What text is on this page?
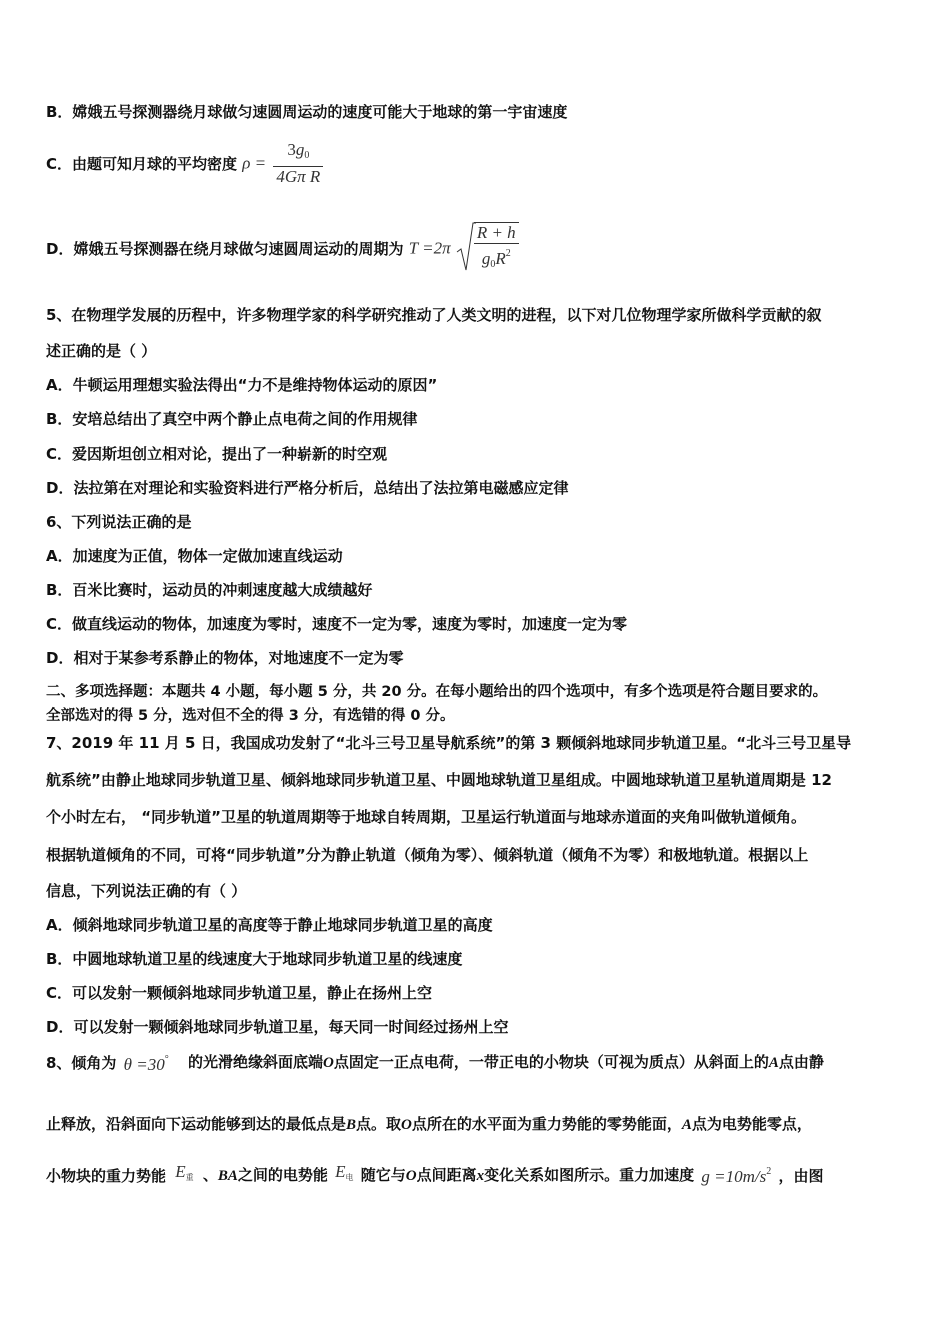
B．嫦娥五号探测器绕月球做匀速圆周运动的速度可能大于地球的第一宇宙速度
C．由题可知月球的平均密度 $\rho = \frac{3g_0}{\text{4Gπ R}}$
D．嫦娥五号探测器在绕月球做匀速圆周运动的周期为 $T =2\pi \frac{R + h}{g_0R^2}$
5、在物理学发展的历程中，许多物理学家的科学研究推动了人类文明的进程，以下对几位物理学家所做科学贡献的叙
述正确的是（ ）
A．牛顿运用理想实验法得出“力不是维持物体运动的原因”
B．安培总结出了真空中两个静止点电荷之间的作用规律
C．爱因斯坦创立相对论，提出了一种崭新的时空观
D．法拉第在对理论和实验资料进行严格分析后，总结出了法拉第电磁感应定律
6、下列说法正确的是
A．加速度为正值，物体一定做加速直线运动
B．百米比赛时，运动员的冲刺速度越大成绩越好
C．做直线运动的物体，加速度为零时，速度不一定为零，速度为零时，加速度一定为零
D．相对于某参考系静止的物体，对地速度不一定为零
二、多项选择题：本题共 4 小题，每小题 5 分，共 20 分。在每小题给出的四个选项中，有多个选项是符合题目要求的。
全部选对的得 5 分，选对但不全的得 3 分，有选错的得 0 分。
7、2019 年 11 月 5 日，我国成功发射了“北斗三号卫星导航系统”的第 3 颗倾斜地球同步轨道卫星。“北斗三号卫星导
航系统”由静止地球同步轨道卫星、倾斜地球同步轨道卫星、中圆地球轨道卫星组成。中圆地球轨道卫星轨道周期是 12
个小时左右， “同步轨道”卫星的轨道周期等于地球自转周期，卫星运行轨道面与地球赤道面的夹角叫做轨道倾角。
根据轨道倾角的不同，可将“同步轨道”分为静止轨道（倾角为零）、倾斜轨道（倾角不为零）和极地轨道。根据以上
信息，下列说法正确的有（ ）
A．倾斜地球同步轨道卫星的高度等于静止地球同步轨道卫星的高度
B．中圆地球轨道卫星的线速度大于地球同步轨道卫星的线速度
C．可以发射一颗倾斜地球同步轨道卫星，静止在扬州上空
D．可以发射一颗倾斜地球同步轨道卫星，每天同一时间经过扬州上空
8、倾角为 θ =30° 的光滑绝缘斜面底端O点固定一正点电荷，一带正电的小物块（可视为质点）从斜面上的A点由静
止释放，沿斜面向下运动能够到达的最低点是B点。取O点所在的水平面为重力势能的零势能面，A点为电势能零点，
小物块的重力势能 $E_重$ 、BA之间的电势能 $E_电$ 随它与O点间距离x变化关系如图所示。重力加速度 $g =10m/s^2$ ，由图
